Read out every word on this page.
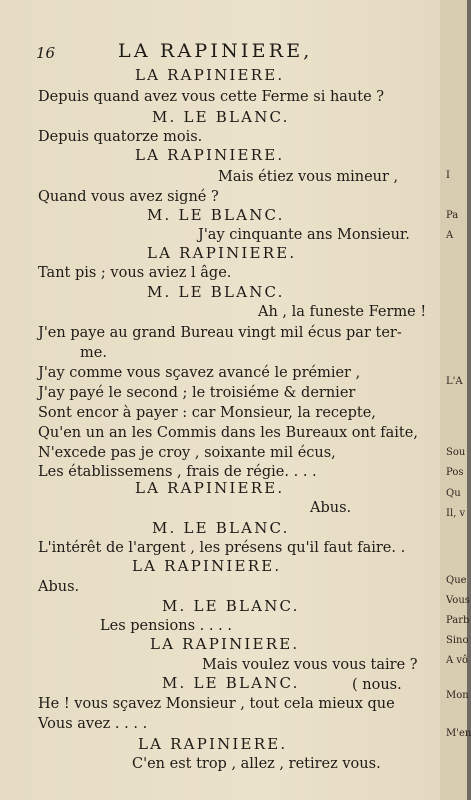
16	LA RAPINIERE,
LA RAPINIERE.
Depuis quand avez vous cette Ferme si haute ?
M. LE BLANC.
Depuis quatorze mois.
LA RAPINIERE.
Mais étiez vous mineur ,
Quand vous avez signé ?
M. LE BLANC.
J'ay cinquante ans Monsieur.
LA RAPINIERE.
Tant pis ; vous aviez l âge.
M. LE BLANC.
Ah , la funeste Ferme !
J'en paye au grand Bureau vingt mil écus par ter-
me.
J'ay comme vous sçavez avancé le prémier ,
J'ay payé le second ; le troisiéme & dernier
Sont encor à payer : car Monsieur, la recepte,
Qu'en un an les Commis dans les Bureaux ont faite,
N'excede pas je croy , soixante mil écus,
Les établissemens , frais de régie. . . .
LA RAPINIERE.
Abus.
M. LE BLANC.
L'intérêt de l'argent , les présens qu'il faut faire. .
LA RAPINIERE.
Abus.
M. LE BLANC.
Les pensions . . . .
LA RAPINIERE.
Mais voulez vous vous taire ?
M. LE BLANC.	( nous.
He ! vous sçavez Monsieur , tout cela mieux que
Vous avez . . . .
LA RAPINIERE.
C'en est trop , allez , retirez vous.
I
Pa
A
L'A
Sou
Pos
Qu
Il, v
Que
Vous
Parb
Sino
A vô
Mon
M'en
